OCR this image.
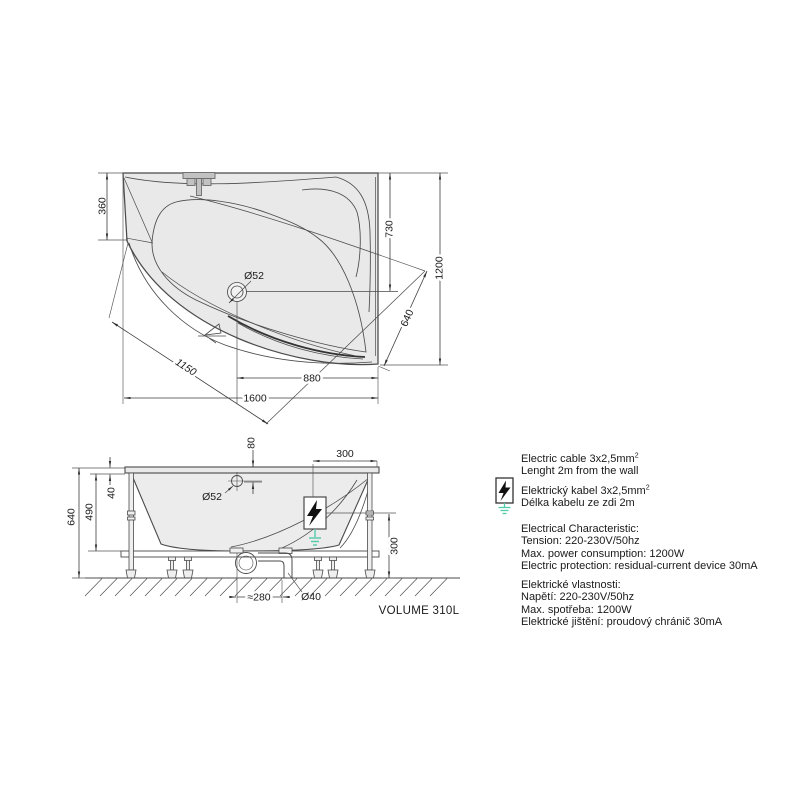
360
730
1200
640
1150	880
1600
Ø52
640 490
40
80
Ø52
300
300
≈280	Ø40
VOLUME 310L
Electric cable $3x2,5mm^2$
Lenght 2m from the wall
Elektrický kabel $3x2,5mm^2$
Délka kabelu ze zdi 2m
Electrical Characteristic:
Tension: 220-230V/50hz
Max. power consumption: 1200W
Electric protection: residual-current device 30mA
Elektrické vlastnosti:
Napětí: 220-230V/50hz
Max. spotřeba: 1200W
Elektrické jištění: proudový chránič 30mA
